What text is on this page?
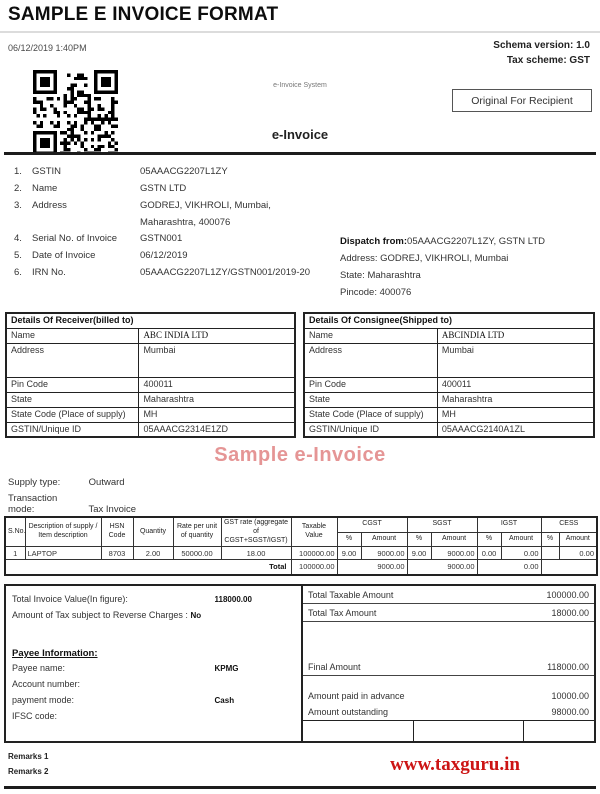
SAMPLE E INVOICE FORMAT
06/12/2019 1:40PM	Schema version: 1.0
Tax scheme: GST
e-Invoice System
Original For Recipient
e-Invoice
1.	GSTIN	05AAACG2207L1ZY
2.	Name	GSTN LTD
3.	Address	GODREJ, VIKHROLI, Mumbai,
Maharashtra, 400076
4.	Serial No. of Invoice	GSTN001
5.	Date of Invoice	06/12/2019
6.	IRN No.	05AAACG2207L1ZY/GSTN001/2019-20
Dispatch from:05AAACG2207L1ZY, GSTN LTD
Address: GODREJ, VIKHROLI, Mumbai
State: Maharashtra
Pincode: 400076
Details Of Receiver(billed to)	
Name	ABC INDIA LTD
Address	Mumbai
Pin Code	400011
State	Maharashtra
State Code (Place of supply)	MH
GSTIN/Unique ID	05AAACG2314E1ZD
Details Of Consignee(Shipped to)	
Name	ABCINDIA LTD
Address	Mumbai
Pin Code	400011
State	Maharashtra
State Code (Place of supply)	MH
GSTIN/Unique ID	05AAACG2140A1ZL
Sample e-Invoice
Supply type:	Outward
Transaction mode:	Tax Invoice
S.No.	Description of supply / Item description	HSN Code	Quantity	Rate per unit of quantity	GST rate (aggregate of CGST+SGST/IGST)	Taxable Value	CGST		SGST		IGST		CESS	
							%	Amount	%	Amount	%	Amount	%	Amount
1	LAPTOP	8703	2.00	50000.00	18.00	100000.00	9.00	9000.00	9.00	9000.00	0.00	0.00		0.00
Total						100000.00	9000.00		9000.00		0.00			
Total Invoice Value(In figure):	118000.00
Amount of Tax subject to Reverse Charges : No
Payee Information:
Payee name:	KPMG
Account number:
payment mode:	Cash
IFSC code:
Total Taxable Amount	100000.00
Total Tax Amount	18000.00
Final Amount	118000.00
Amount paid in advance	10000.00
Amount outstanding	98000.00
Remarks 1
Remarks 2	www.taxguru.in
